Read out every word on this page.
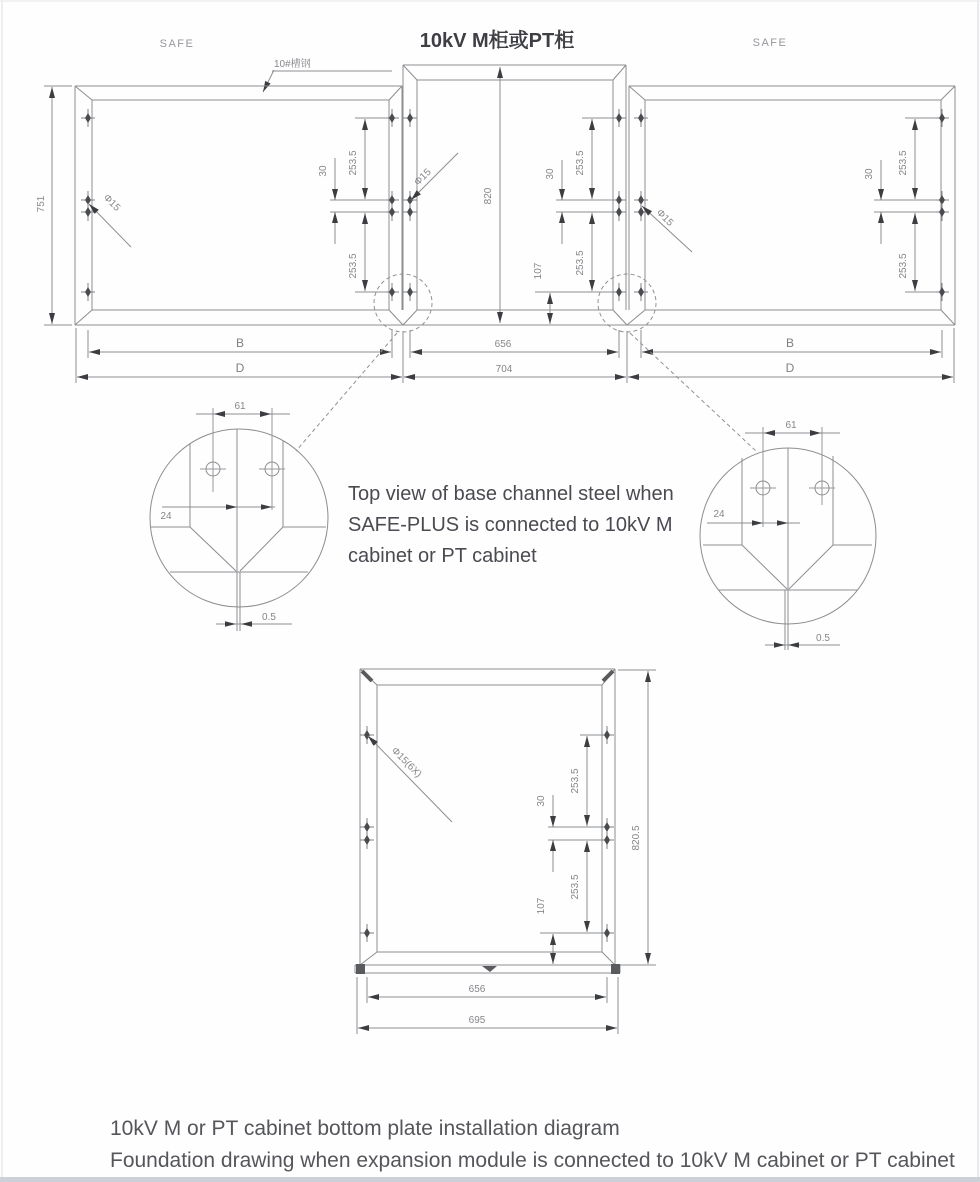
SAFE	10kV M柜或PT柜	SAFE
10#槽钢
751	Φ15
30 253.5
253.5
B
D
820
Φ15	30 253.5
253.5
107
656
704
Φ15
30 253.5
253.5
B
D
61
24
0.5
61
24
0.5
Top view of base channel steel when
SAFE-PLUS is connected to 10kV M
cabinet or PT cabinet
Φ15(6X)
253.5
30
253.5
107
820.5
656
695
10kV M or PT cabinet bottom plate installation diagram
Foundation drawing when expansion module is connected to 10kV M cabinet or PT cabinet
